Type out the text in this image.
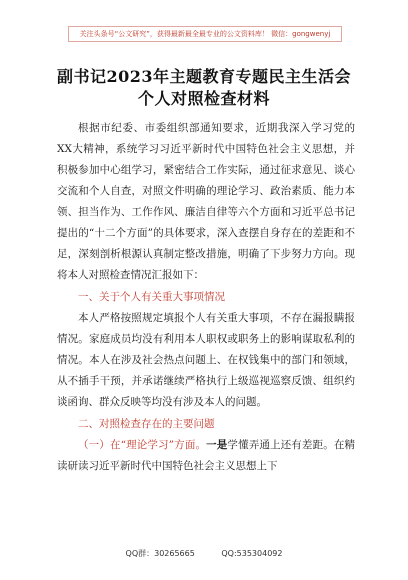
关注头条号“公文研究”，获得最新最全最专业的公文资料库！ 微信：gongwenyj
副书记2023年主题教育专题民主生活会
个人对照检查材料

根据市纪委、市委组织部通知要求，近期我深入学习党的XX大精神，系统学习习近平新时代中国特色社会主义思想，并积极参加中心组学习，紧密结合工作实际，通过征求意见、谈心交流和个人自查，对照文件明确的理论学习、政治素质、能力本领、担当作为、工作作风、廉洁自律等六个方面和习近平总书记提出的“十二个方面”的具体要求，深入查摆自身存在的差距和不足，深刻剖析根源认真制定整改措施，明确了下步努力方向。现将本人对照检查情况汇报如下：

一、关于个人有关重大事项情况

本人严格按照规定填报个人有关重大事项，不存在漏报瞒报情况。家庭成员均没有利用本人职权或职务上的影响谋取私利的情况。本人在涉及社会热点问题上、在权钱集中的部门和领域，从不插手干预，并承诺继续严格执行上级巡视巡察反馈、组织约谈函询、群众反映等均没有涉及本人的问题。

二、对照检查存在的主要问题

（一）在“理论学习”方面。一是学懂弄通上还有差距。在精读研读习近平新时代中国特色社会主义思想上下

QQ群：30265665	QQ:535304092
